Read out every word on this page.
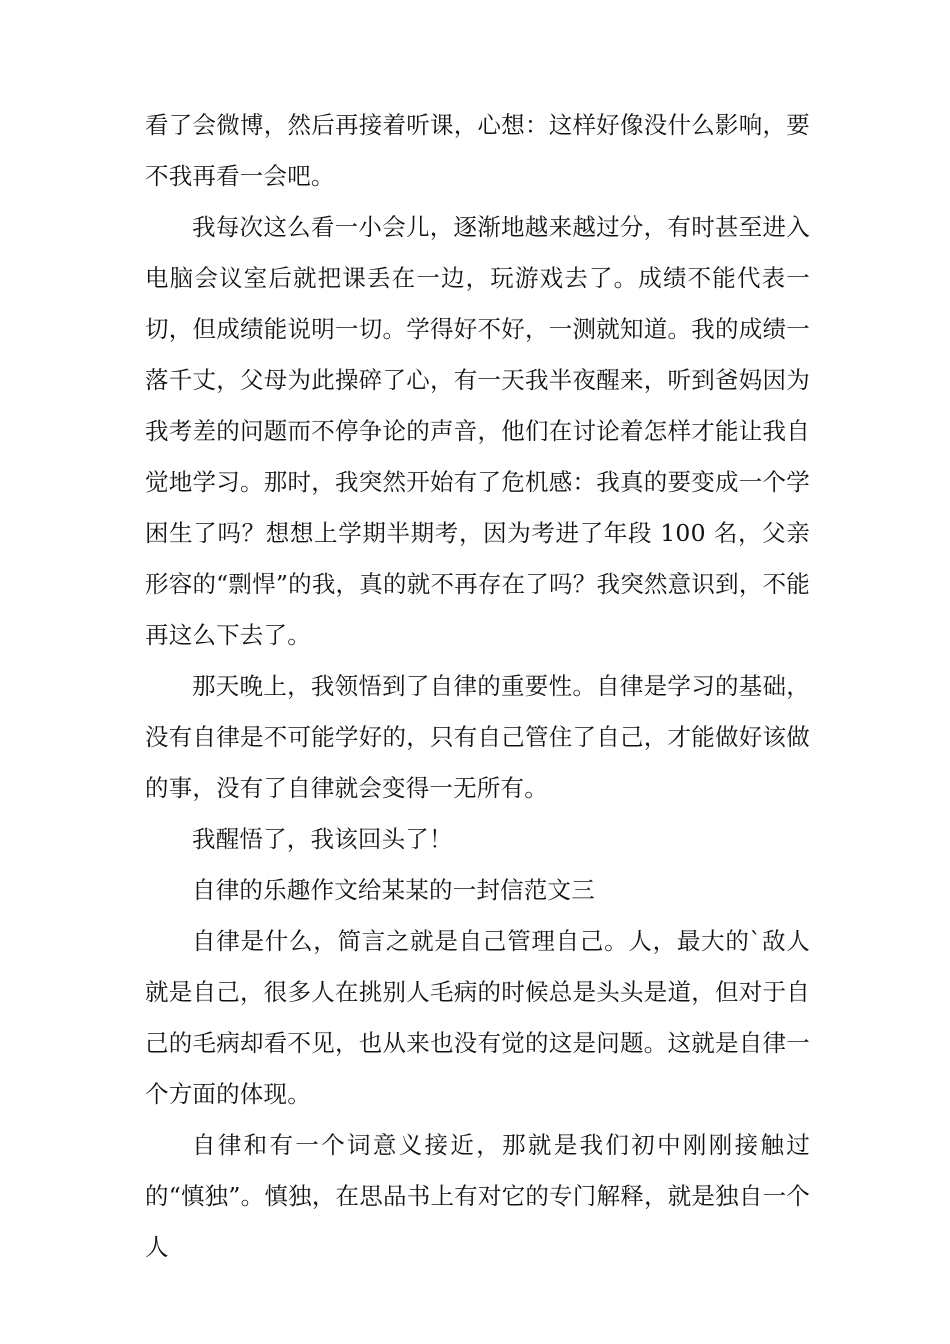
看了会微博，然后再接着听课，心想：这样好像没什么影响，要不我再看一会吧。

我每次这么看一小会儿，逐渐地越来越过分，有时甚至进入电脑会议室后就把课丢在一边，玩游戏去了。成绩不能代表一切，但成绩能说明一切。学得好不好，一测就知道。我的成绩一落千丈，父母为此操碎了心，有一天我半夜醒来，听到爸妈因为我考差的问题而不停争论的声音，他们在讨论着怎样才能让我自觉地学习。那时，我突然开始有了危机感：我真的要变成一个学困生了吗？想想上学期半期考，因为考进了年段 100 名，父亲形容的“剽悍”的我，真的就不再存在了吗？我突然意识到，不能再这么下去了。

那天晚上，我领悟到了自律的重要性。自律是学习的基础，没有自律是不可能学好的，只有自己管住了自己，才能做好该做的事，没有了自律就会变得一无所有。

我醒悟了，我该回头了！

自律的乐趣作文给某某的一封信范文三

自律是什么，简言之就是自己管理自己。人，最大的`敌人就是自己，很多人在挑别人毛病的时候总是头头是道，但对于自己的毛病却看不见，也从来也没有觉的这是问题。这就是自律一个方面的体现。

自律和有一个词意义接近，那就是我们初中刚刚接触过的“慎独”。慎独，在思品书上有对它的专门解释，就是独自一个人
